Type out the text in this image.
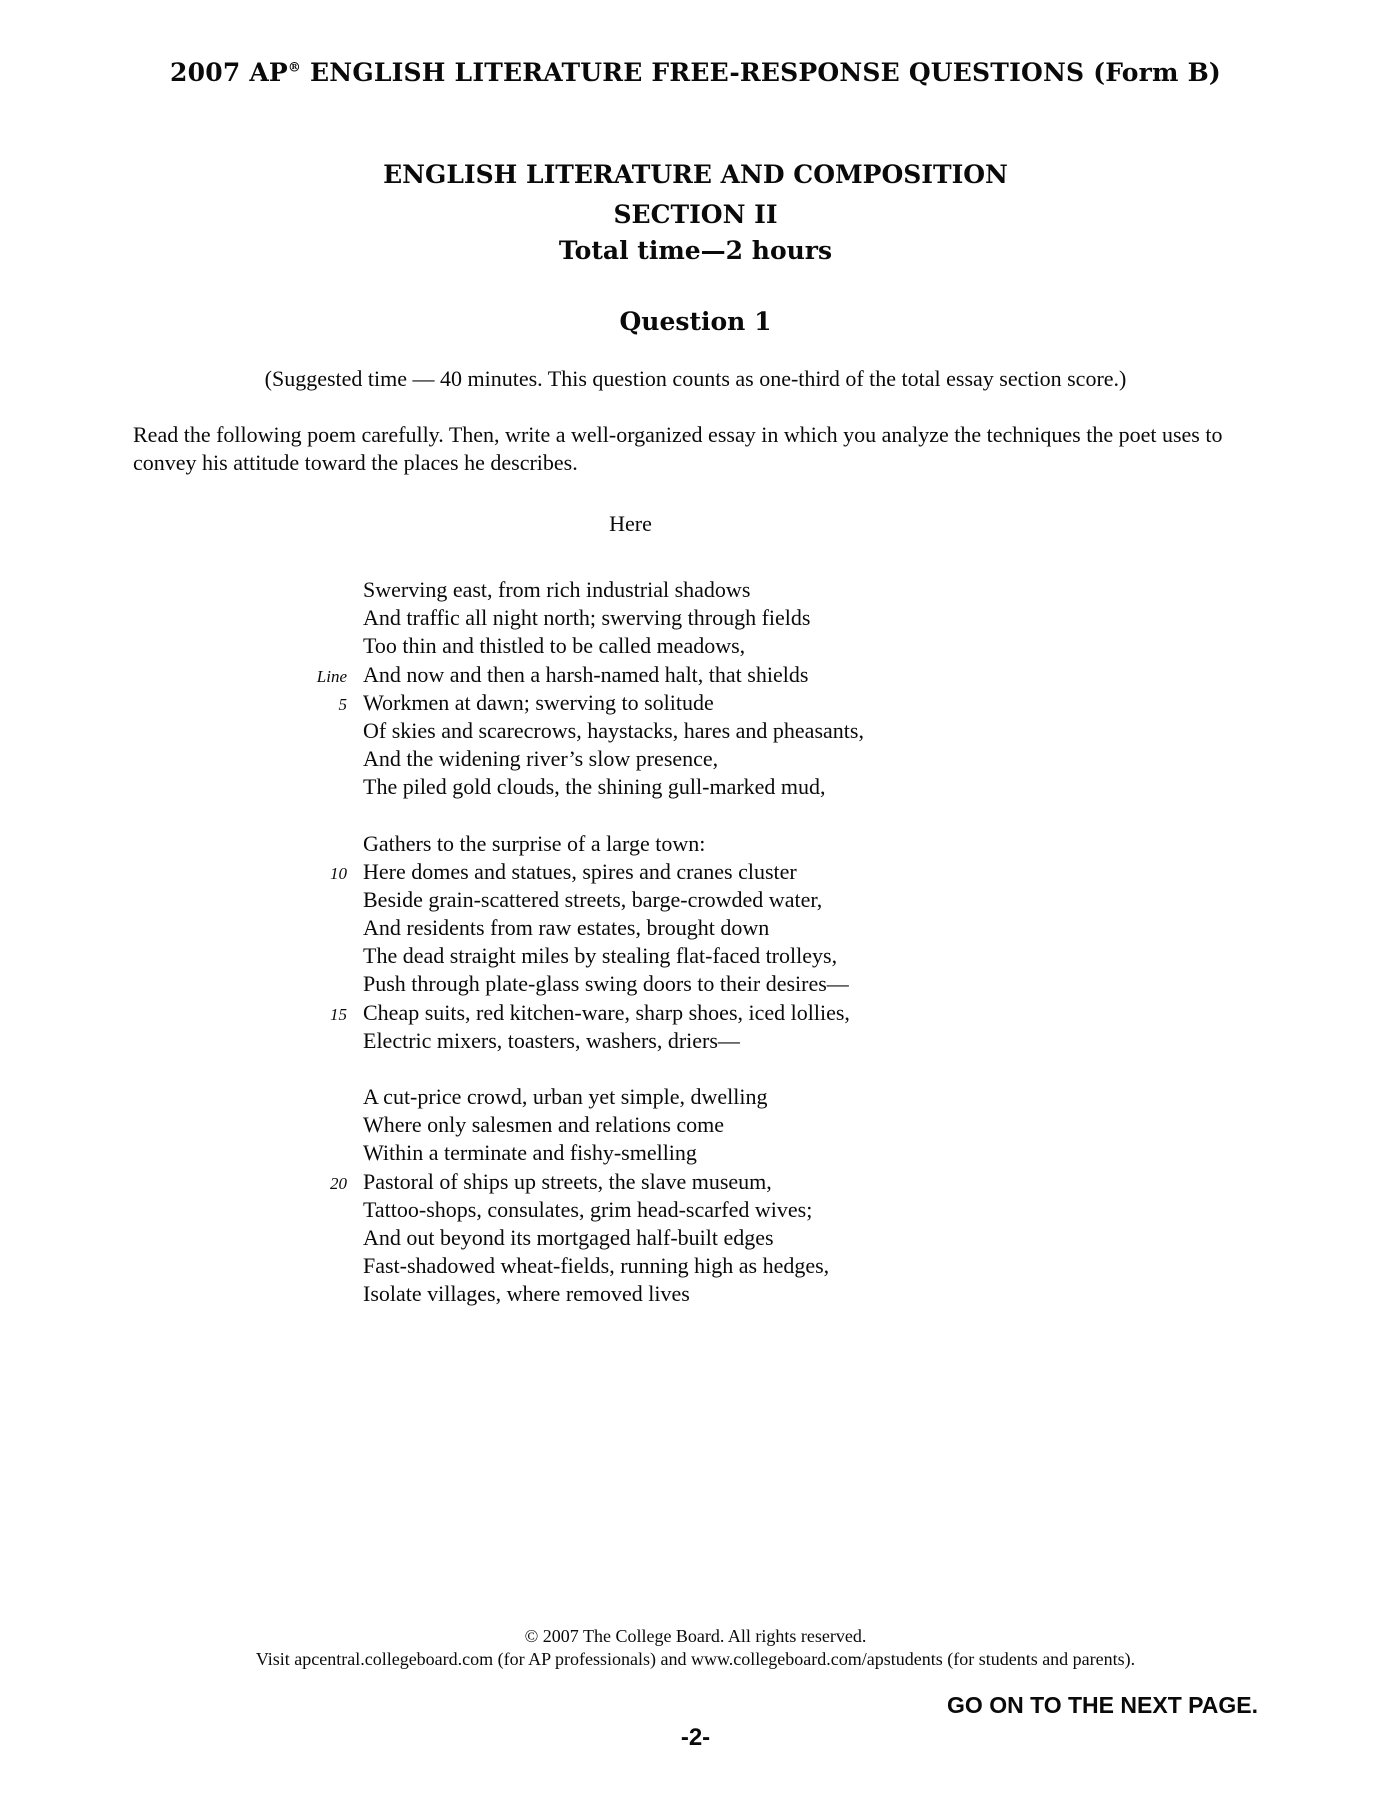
2007 AP® ENGLISH LITERATURE FREE-RESPONSE QUESTIONS (Form B)
ENGLISH LITERATURE AND COMPOSITION
SECTION II
Total time—2 hours
Question 1
(Suggested time — 40 minutes. This question counts as one-third of the total essay section score.)
Read the following poem carefully. Then, write a well-organized essay in which you analyze the techniques the poet uses to convey his attitude toward the places he describes.
Here
Swerving east, from rich industrial shadows
And traffic all night north; swerving through fields
Too thin and thistled to be called meadows,
Line And now and then a harsh-named halt, that shields
5 Workmen at dawn; swerving to solitude
Of skies and scarecrows, haystacks, hares and pheasants,
And the widening river’s slow presence,
The piled gold clouds, the shining gull-marked mud,
Gathers to the surprise of a large town:
10 Here domes and statues, spires and cranes cluster
Beside grain-scattered streets, barge-crowded water,
And residents from raw estates, brought down
The dead straight miles by stealing flat-faced trolleys,
Push through plate-glass swing doors to their desires—
15 Cheap suits, red kitchen-ware, sharp shoes, iced lollies,
Electric mixers, toasters, washers, driers—
A cut-price crowd, urban yet simple, dwelling
Where only salesmen and relations come
Within a terminate and fishy-smelling
20 Pastoral of ships up streets, the slave museum,
Tattoo-shops, consulates, grim head-scarfed wives;
And out beyond its mortgaged half-built edges
Fast-shadowed wheat-fields, running high as hedges,
Isolate villages, where removed lives
© 2007 The College Board. All rights reserved.
Visit apcentral.collegeboard.com (for AP professionals) and www.collegeboard.com/apstudents (for students and parents).
GO ON TO THE NEXT PAGE.
-2-
